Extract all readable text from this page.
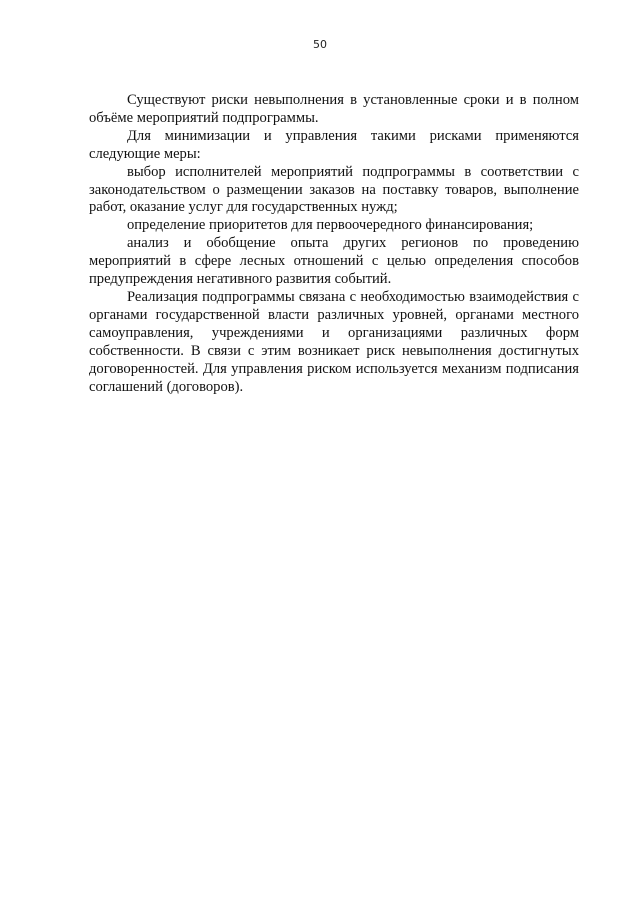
50

Существуют риски невыполнения в установленные сроки и в полном объёме мероприятий подпрограммы.

Для минимизации и управления такими рисками применяются следующие меры:

выбор исполнителей мероприятий подпрограммы в соответствии с законодательством о размещении заказов на поставку товаров, выполнение работ, оказание услуг для государственных нужд;

определение приоритетов для первоочередного финансирования;

анализ и обобщение опыта других регионов по проведению мероприятий в сфере лесных отношений с целью определения способов предупреждения негативного развития событий.

Реализация подпрограммы связана с необходимостью взаимодействия с органами государственной власти различных уровней, органами местного самоуправления, учреждениями и организациями различных форм собственности. В связи с этим возникает риск невыполнения достигнутых договоренностей. Для управления риском используется механизм подписания соглашений (договоров).
